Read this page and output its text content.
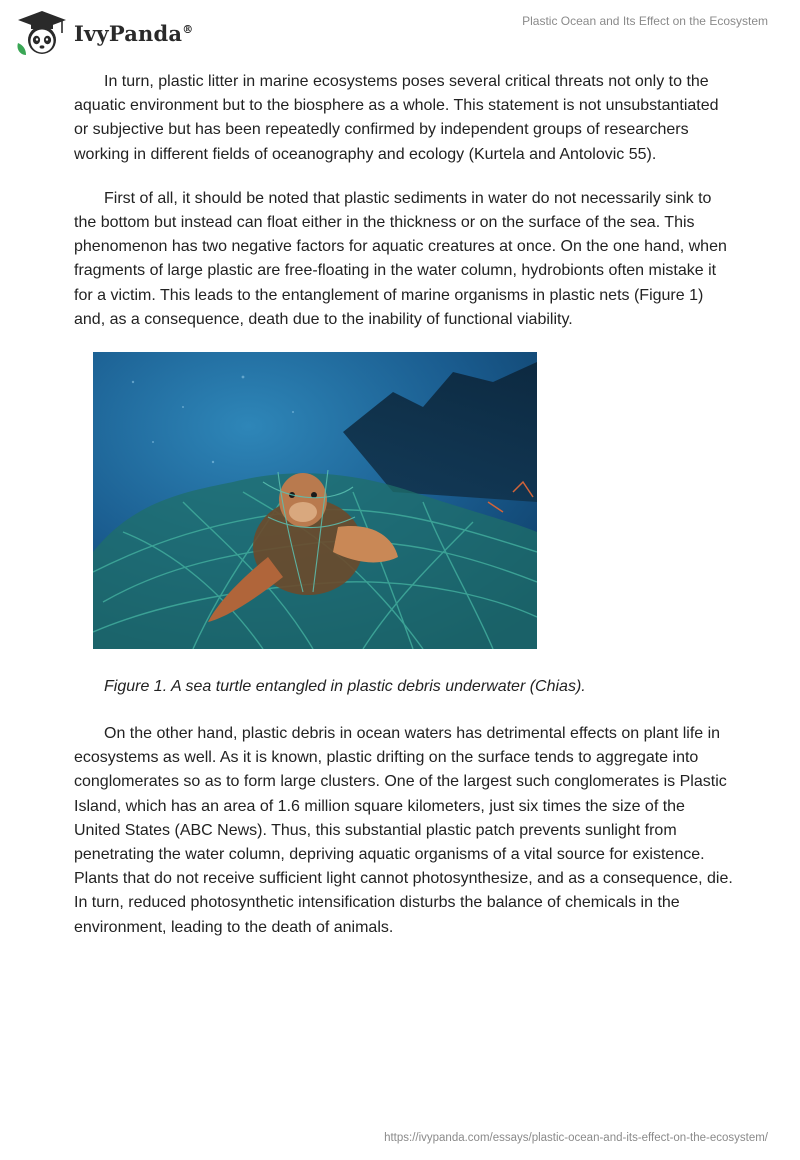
IvyPanda®
Plastic Ocean and Its Effect on the Ecosystem

In turn, plastic litter in marine ecosystems poses several critical threats not only to the aquatic environment but to the biosphere as a whole. This statement is not unsubstantiated or subjective but has been repeatedly confirmed by independent groups of researchers working in different fields of oceanography and ecology (Kurtela and Antolovic 55).

First of all, it should be noted that plastic sediments in water do not necessarily sink to the bottom but instead can float either in the thickness or on the surface of the sea. This phenomenon has two negative factors for aquatic creatures at once. On the one hand, when fragments of large plastic are free-floating in the water column, hydrobionts often mistake it for a victim. This leads to the entanglement of marine organisms in plastic nets (Figure 1) and, as a consequence, death due to the inability of functional viability.

Figure 1. A sea turtle entangled in plastic debris underwater (Chias).

On the other hand, plastic debris in ocean waters has detrimental effects on plant life in ecosystems as well. As it is known, plastic drifting on the surface tends to aggregate into conglomerates so as to form large clusters. One of the largest such conglomerates is Plastic Island, which has an area of 1.6 million square kilometers, just six times the size of the United States (ABC News). Thus, this substantial plastic patch prevents sunlight from penetrating the water column, depriving aquatic organisms of a vital source for existence. Plants that do not receive sufficient light cannot photosynthesize, and as a consequence, die. In turn, reduced photosynthetic intensification disturbs the balance of chemicals in the environment, leading to the death of animals.

https://ivypanda.com/essays/plastic-ocean-and-its-effect-on-the-ecosystem/
